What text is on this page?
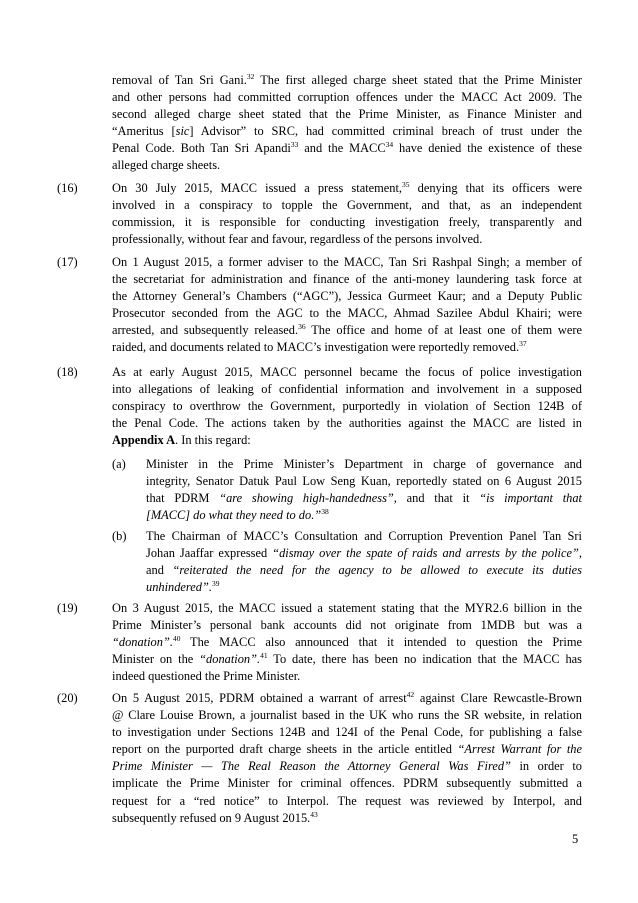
removal of Tan Sri Gani.$^{32}$ The first alleged charge sheet stated that the Prime Minister
and other persons had committed corruption offences under the MACC Act 2009. The
second alleged charge sheet stated that the Prime Minister, as Finance Minister and
“Ameritus [sic] Advisor” to SRC, had committed criminal breach of trust under the
Penal Code. Both Tan Sri Apandi$^{33}$ and the MACC$^{34}$ have denied the existence of these
alleged charge sheets.
(16)	On 30 July 2015, MACC issued a press statement,$^{35}$ denying that its officers were
involved in a conspiracy to topple the Government, and that, as an independent
commission, it is responsible for conducting investigation freely, transparently and
professionally, without fear and favour, regardless of the persons involved.
(17)	On 1 August 2015, a former adviser to the MACC, Tan Sri Rashpal Singh; a member of
the secretariat for administration and finance of the anti-money laundering task force at
the Attorney General’s Chambers (“AGC”), Jessica Gurmeet Kaur; and a Deputy Public
Prosecutor seconded from the AGC to the MACC, Ahmad Sazilee Abdul Khairi; were
arrested, and subsequently released.$^{36}$ The office and home of at least one of them were
raided, and documents related to MACC’s investigation were reportedly removed.$^{37}$
(18)	As at early August 2015, MACC personnel became the focus of police investigation
into allegations of leaking of confidential information and involvement in a supposed
conspiracy to overthrow the Government, purportedly in violation of Section 124B of
the Penal Code. The actions taken by the authorities against the MACC are listed in
Appendix A. In this regard:
(a) Minister in the Prime Minister’s Department in charge of governance and
integrity, Senator Datuk Paul Low Seng Kuan, reportedly stated on 6 August 2015
that PDRM “are showing high-handedness”, and that it “is important that
[MACC] do what they need to do.”$^{38}$
(b) The Chairman of MACC’s Consultation and Corruption Prevention Panel Tan Sri
Johan Jaaffar expressed “dismay over the spate of raids and arrests by the police”,
and “reiterated the need for the agency to be allowed to execute its duties
unhindered”.$^{39}$
(19)	On 3 August 2015, the MACC issued a statement stating that the MYR2.6 billion in the
Prime Minister’s personal bank accounts did not originate from 1MDB but was a
“donation”.$^{40}$ The MACC also announced that it intended to question the Prime
Minister on the “donation”.$^{41}$ To date, there has been no indication that the MACC has
indeed questioned the Prime Minister.
(20)	On 5 August 2015, PDRM obtained a warrant of arrest$^{42}$ against Clare Rewcastle-Brown
@ Clare Louise Brown, a journalist based in the UK who runs the SR website, in relation
to investigation under Sections 124B and 124I of the Penal Code, for publishing a false
report on the purported draft charge sheets in the article entitled “Arrest Warrant for the
Prime Minister — The Real Reason the Attorney General Was Fired” in order to
implicate the Prime Minister for criminal offences. PDRM subsequently submitted a
request for a “red notice” to Interpol. The request was reviewed by Interpol, and
subsequently refused on 9 August 2015.43
5
